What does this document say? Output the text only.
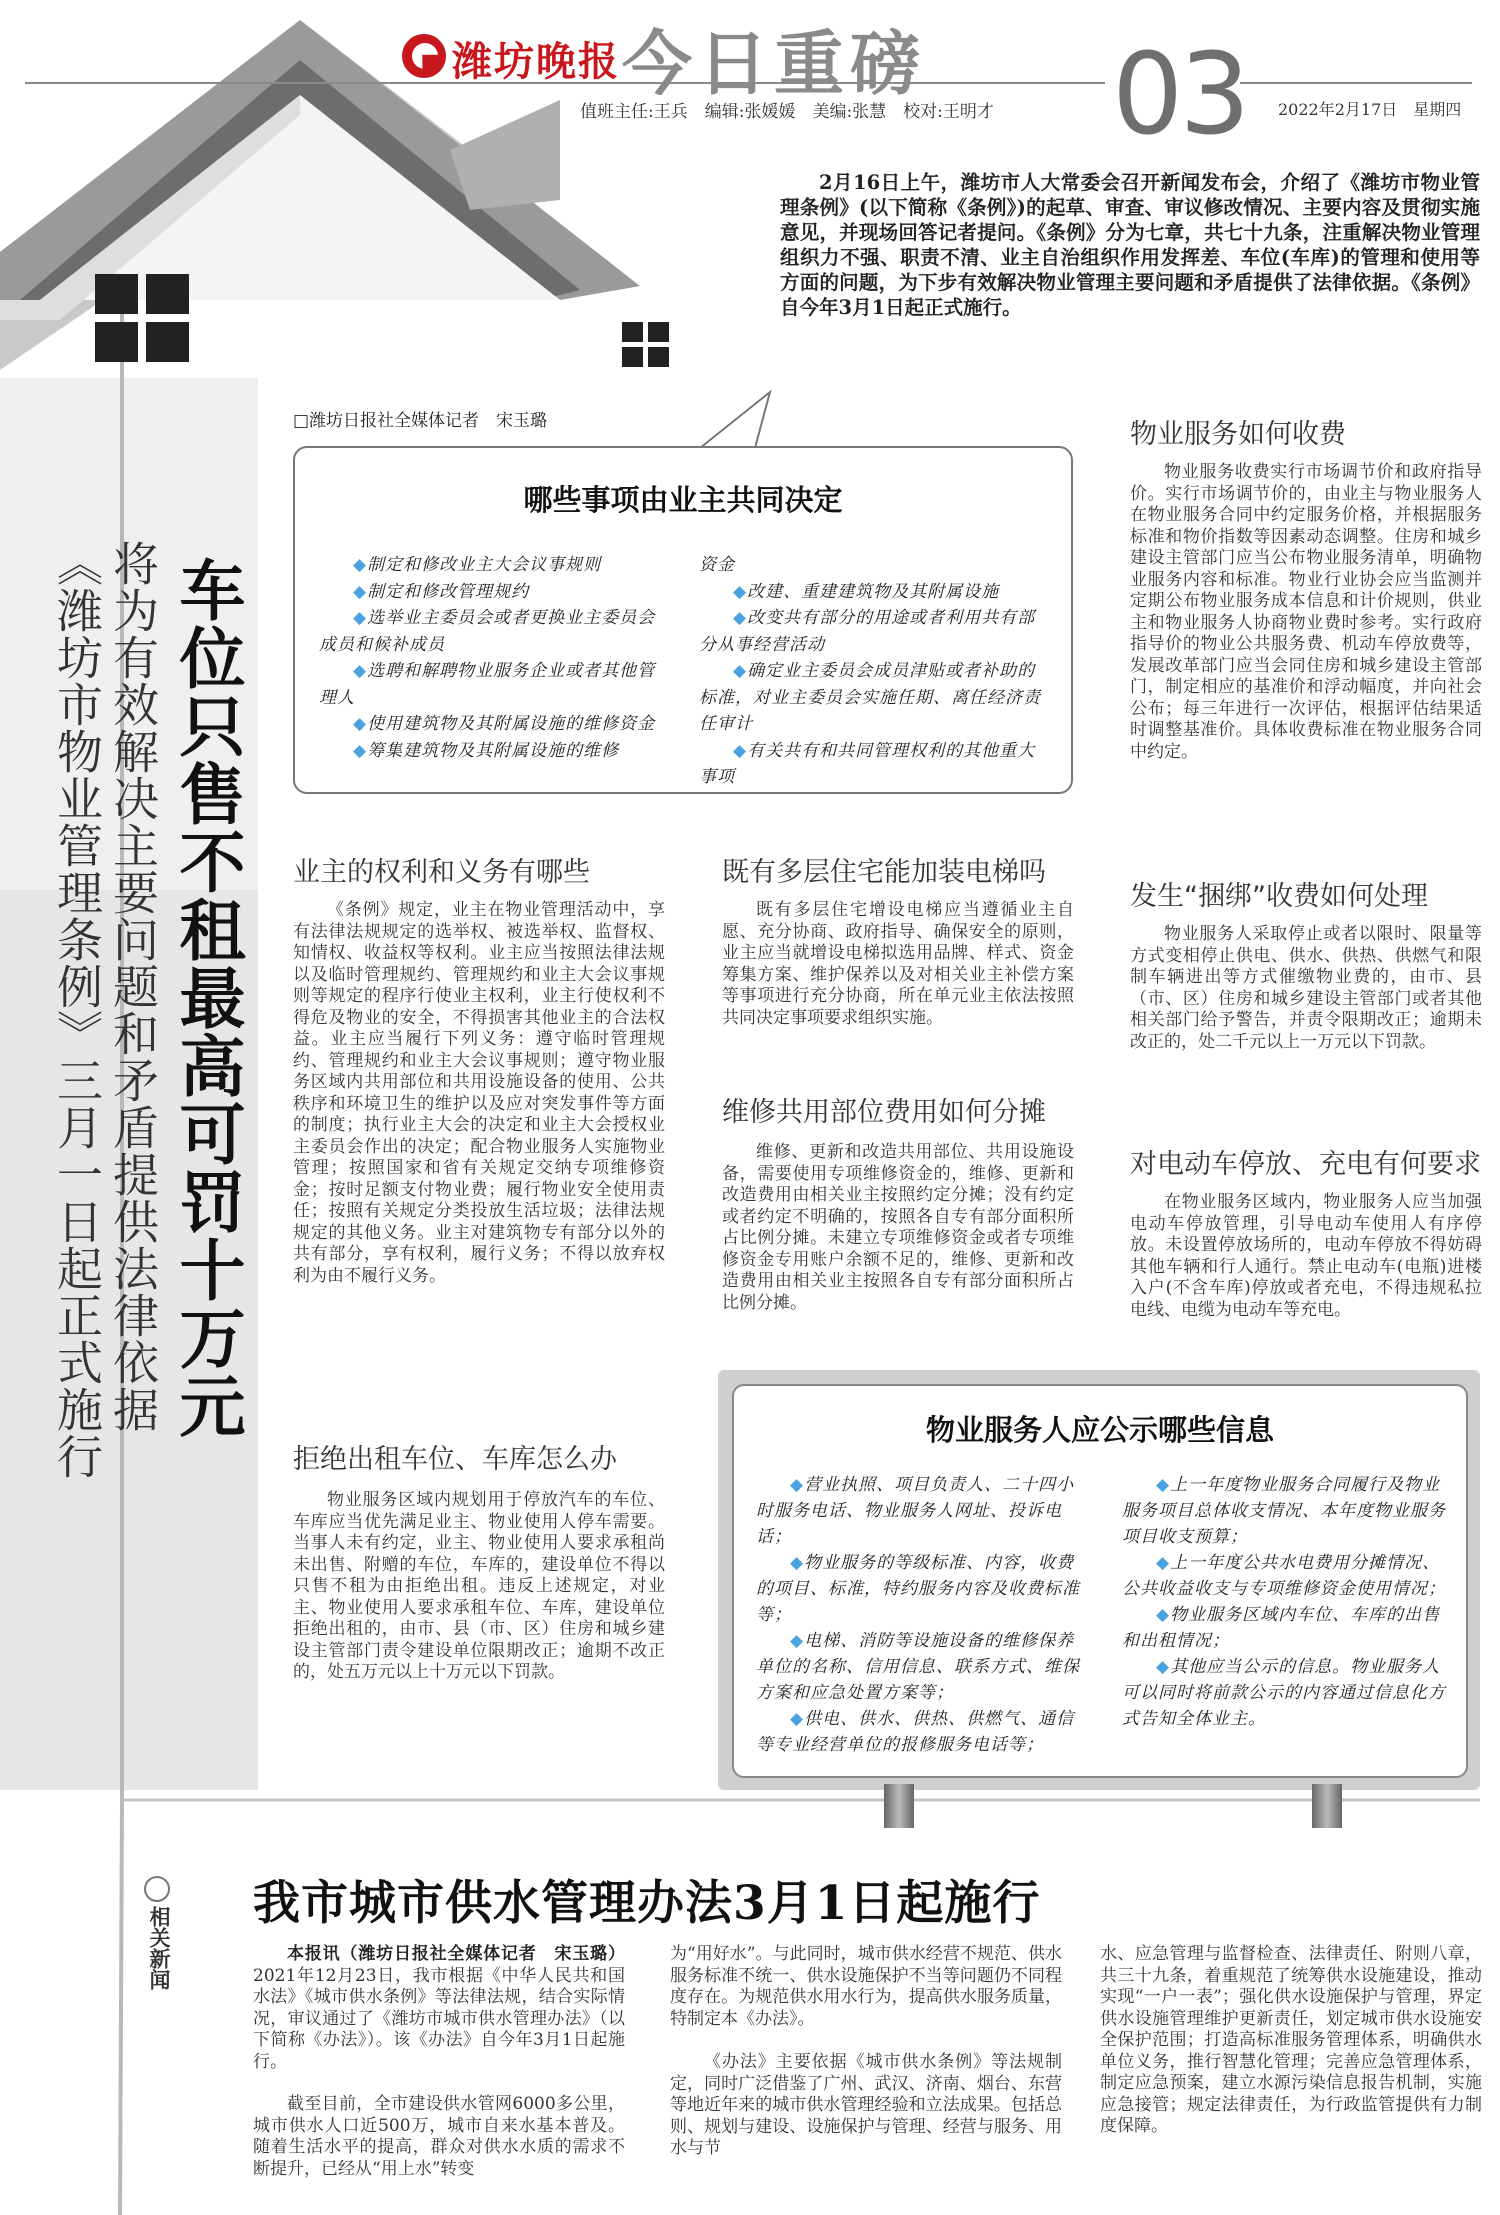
潍坊晚报 今日重磅 03
值班主任:王兵　编辑:张媛媛　美编:张慧　校对:王明才	2022年2月17日　星期四
2月16日上午，潍坊市人大常委会召开新闻发布会，介绍了《潍坊市物业管理条例》(以下简称《条例》)的起草、审查、审议修改情况、主要内容及贯彻实施意见，并现场回答记者提问。《条例》分为七章，共七十九条，注重解决物业管理组织力不强、职责不清、业主自治组织作用发挥差、车位(车库)的管理和使用等方面的问题，为下步有效解决物业管理主要问题和矛盾提供了法律依据。《条例》自今年3月1日起正式施行。
车位只售不租最高可罚十万元
将为有效解决主要问题和矛盾提供法律依据
《潍坊市物业管理条例》三月一日起正式施行
□潍坊日报社全媒体记者　宋玉璐
哪些事项由业主共同决定
◆制定和修改业主大会议事规则
◆制定和修改管理规约
◆选举业主委员会或者更换业主委员会成员和候补成员
◆选聘和解聘物业服务企业或者其他管理人
◆使用建筑物及其附属设施的维修资金
◆筹集建筑物及其附属设施的维修
资金
◆改建、重建建筑物及其附属设施
◆改变共有部分的用途或者利用共有部分从事经营活动
◆确定业主委员会成员津贴或者补助的标准，对业主委员会实施任期、离任经济责任审计
◆有关共有和共同管理权利的其他重大事项
业主的权利和义务有哪些
《条例》规定，业主在物业管理活动中，享有法律法规规定的选举权、被选举权、监督权、知情权、收益权等权利。业主应当按照法律法规以及临时管理规约、管理规约和业主大会议事规则等规定的程序行使业主权利，业主行使权利不得危及物业的安全，不得损害其他业主的合法权益。业主应当履行下列义务：遵守临时管理规约、管理规约和业主大会议事规则；遵守物业服务区域内共用部位和共用设施设备的使用、公共秩序和环境卫生的维护以及应对突发事件等方面的制度；执行业主大会的决定和业主大会授权业主委员会作出的决定；配合物业服务人实施物业管理；按照国家和省有关规定交纳专项维修资金；按时足额支付物业费；履行物业安全使用责任；按照有关规定分类投放生活垃圾；法律法规规定的其他义务。业主对建筑物专有部分以外的共有部分，享有权利，履行义务；不得以放弃权利为由不履行义务。
拒绝出租车位、车库怎么办
物业服务区域内规划用于停放汽车的车位、车库应当优先满足业主、物业使用人停车需要。当事人未有约定，业主、物业使用人要求承租尚未出售、附赠的车位，车库的，建设单位不得以只售不租为由拒绝出租。违反上述规定，对业主、物业使用人要求承租车位、车库，建设单位拒绝出租的，由市、县（市、区）住房和城乡建设主管部门责令建设单位限期改正；逾期不改正的，处五万元以上十万元以下罚款。
既有多层住宅能加装电梯吗
既有多层住宅增设电梯应当遵循业主自愿、充分协商、政府指导、确保安全的原则，业主应当就增设电梯拟选用品牌、样式、资金筹集方案、维护保养以及对相关业主补偿方案等事项进行充分协商，所在单元业主依法按照共同决定事项要求组织实施。
维修共用部位费用如何分摊
维修、更新和改造共用部位、共用设施设备，需要使用专项维修资金的，维修、更新和改造费用由相关业主按照约定分摊；没有约定或者约定不明确的，按照各自专有部分面积所占比例分摊。未建立专项维修资金或者专项维修资金专用账户余额不足的，维修、更新和改造费用由相关业主按照各自专有部分面积所占比例分摊。
物业服务如何收费
物业服务收费实行市场调节价和政府指导价。实行市场调节价的，由业主与物业服务人在物业服务合同中约定服务价格，并根据服务标准和物价指数等因素动态调整。住房和城乡建设主管部门应当公布物业服务清单，明确物业服务内容和标准。物业行业协会应当监测并定期公布物业服务成本信息和计价规则，供业主和物业服务人协商物业费时参考。实行政府指导价的物业公共服务费、机动车停放费等，发展改革部门应当会同住房和城乡建设主管部门，制定相应的基准价和浮动幅度，并向社会公布；每三年进行一次评估，根据评估结果适时调整基准价。具体收费标准在物业服务合同中约定。
发生“捆绑”收费如何处理
物业服务人采取停止或者以限时、限量等方式变相停止供电、供水、供热、供燃气和限制车辆进出等方式催缴物业费的，由市、县（市、区）住房和城乡建设主管部门或者其他相关部门给予警告，并责令限期改正；逾期未改正的，处二千元以上一万元以下罚款。
对电动车停放、充电有何要求
在物业服务区域内，物业服务人应当加强电动车停放管理，引导电动车使用人有序停放。未设置停放场所的，电动车停放不得妨碍其他车辆和行人通行。禁止电动车(电瓶)进楼入户(不含车库)停放或者充电，不得违规私拉电线、电缆为电动车等充电。
物业服务人应公示哪些信息
◆营业执照、项目负责人、二十四小时服务电话、物业服务人网址、投诉电话；
◆物业服务的等级标准、内容，收费的项目、标准，特约服务内容及收费标准等；
◆电梯、消防等设施设备的维修保养单位的名称、信用信息、联系方式、维保方案和应急处置方案等；
◆供电、供水、供热、供燃气、通信等专业经营单位的报修服务电话等；
◆上一年度物业服务合同履行及物业服务项目总体收支情况、本年度物业服务项目收支预算；
◆上一年度公共水电费用分摊情况、公共收益收支与专项维修资金使用情况；
◆物业服务区域内车位、车库的出售和出租情况；
◆其他应当公示的信息。物业服务人可以同时将前款公示的内容通过信息化方式告知全体业主。
相关新闻
我市城市供水管理办法3月1日起施行
本报讯（潍坊日报社全媒体记者　宋玉璐）2021年12月23日，我市根据《中华人民共和国水法》《城市供水条例》等法律法规，结合实际情况，审议通过了《潍坊市城市供水管理办法》（以下简称《办法》）。该《办法》自今年3月1日起施行。
截至目前，全市建设供水管网6000多公里，城市供水人口近500万，城市自来水基本普及。随着生活水平的提高，群众对供水水质的需求不断提升，已经从“用上水”转变
为“用好水”。与此同时，城市供水经营不规范、供水服务标准不统一、供水设施保护不当等问题仍不同程度存在。为规范供水用水行为，提高供水服务质量，特制定本《办法》。
《办法》主要依据《城市供水条例》等法规制定，同时广泛借鉴了广州、武汉、济南、烟台、东营等地近年来的城市供水管理经验和立法成果。包括总则、规划与建设、设施保护与管理、经营与服务、用水与节
水、应急管理与监督检查、法律责任、附则八章，共三十九条，着重规范了统筹供水设施建设，推动实现“一户一表”；强化供水设施保护与管理，界定供水设施管理维护更新责任，划定城市供水设施安全保护范围；打造高标准服务管理体系，明确供水单位义务，推行智慧化管理；完善应急管理体系，制定应急预案，建立水源污染信息报告机制，实施应急接管；规定法律责任，为行政监管提供有力制度保障。
